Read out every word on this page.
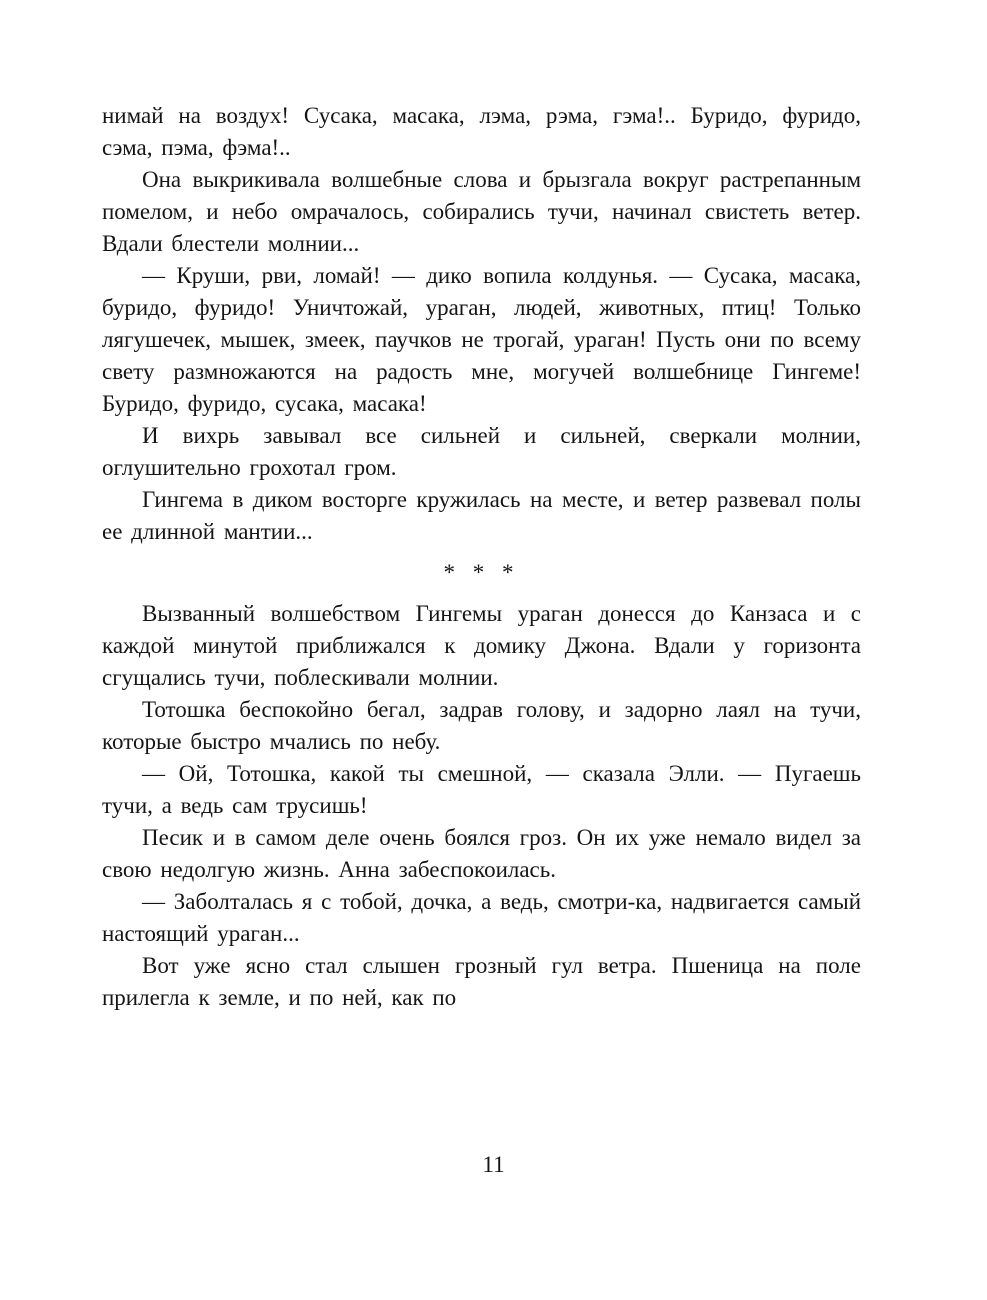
нимай на воздух! Сусака, масака, лэма, рэма, гэма!.. Буридо, фуридо, сэма, пэма, фэма!..

Она выкрикивала волшебные слова и брызгала вокруг растрепанным помелом, и небо омрачалось, собирались тучи, начинал свистеть ветер. Вдали блестели молнии...

— Круши, рви, ломай! — дико вопила колдунья. — Сусака, масака, буридо, фуридо! Уничтожай, ураган, людей, животных, птиц! Только лягушечек, мышек, змеек, паучков не трогай, ураган! Пусть они по всему свету размножаются на радость мне, могучей волшебнице Гингеме! Буридо, фуридо, сусака, масака!

И вихрь завывал все сильней и сильней, сверкали молнии, оглушительно грохотал гром.

Гингема в диком восторге кружилась на месте, и ветер развевал полы ее длинной мантии...

* * *

Вызванный волшебством Гингемы ураган донесся до Канзаса и с каждой минутой приближался к домику Джона. Вдали у горизонта сгущались тучи, поблескивали молнии.

Тотошка беспокойно бегал, задрав голову, и задорно лаял на тучи, которые быстро мчались по небу.

— Ой, Тотошка, какой ты смешной, — сказала Элли. — Пугаешь тучи, а ведь сам трусишь!

Песик и в самом деле очень боялся гроз. Он их уже немало видел за свою недолгую жизнь. Анна забеспокоилась.

— Заболталась я с тобой, дочка, а ведь, смотри-ка, надвигается самый настоящий ураган...

Вот уже ясно стал слышен грозный гул ветра. Пшеница на поле прилегла к земле, и по ней, как по

11
